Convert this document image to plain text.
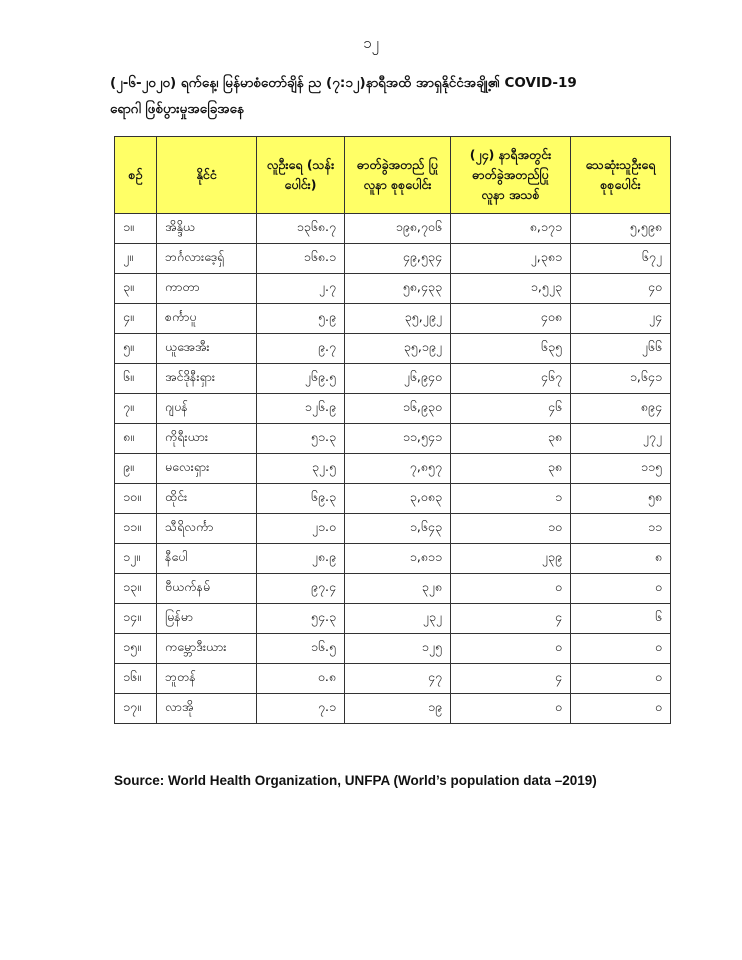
၁၂
(၂-၆-၂၀၂၀) ရက်နေ့၊ မြန်မာစံတော်ချိန် ည (၇:၁၂)နာရီအထိ အာရှနိုင်ငံအချို့၏ COVID-19
ရောဂါ ဖြစ်ပွားမှုအခြေအနေ
စဉ်	နိုင်ငံ	လူဦးရေ (သန်းပေါင်း)	ဓာတ်ခွဲအတည် ပြု လူနာ စုစုပေါင်း	(၂၄) နာရီအတွင်း ဓာတ်ခွဲအတည်ပြု လူနာ အသစ်	သေဆုံးသူဦးရေ စုစုပေါင်း
၁။	အိန္ဒိယ	၁၃၆၈.၇	၁၉၈,၇၀၆	၈,၁၇၁	၅,၅၉၈
၂။	ဘင်္ဂလားဒေ့ရှ်	၁၆၈.၁	၄၉,၅၃၄	၂,၃၈၁	၆၇၂
၃။	ကာတာ	၂.၇	၅၈,၄၃၃	၁,၅၂၃	၄၀
၄။	စင်္ကာပူ	၅.၉	၃၅,၂၉၂	၄၀၈	၂၄
၅။	ယူအေအီး	၉.၇	၃၅,၁၉၂	၆၃၅	၂၆၆
၆။	အင်ဒိုနီးရှား	၂၆၉.၅	၂၆,၉၄၀	၄၆၇	၁,၆၄၁
၇။	ဂျပန်	၁၂၆.၉	၁၆,၉၃၀	၄၆	၈၉၄
၈။	ကိုရီးယား	၅၁.၃	၁၁,၅၄၁	၃၈	၂၇၂
၉။	မလေးရှား	၃၂.၅	၇,၈၅၇	၃၈	၁၁၅
၁၀။	ထိုင်း	၆၉.၃	၃,၀၈၃	၁	၅၈
၁၁။	သီရိလင်္ကာ	၂၁.၀	၁,၆၄၃	၁၀	၁၁
၁၂။	နီပေါ	၂၈.၉	၁,၈၁၁	၂၃၉	၈
၁၃။	ဗီယက်နမ်	၉၇.၄	၃၂၈	၀	၀
၁၄။	မြန်မာ	၅၄.၃	၂၃၂	၄	၆
၁၅။	ကမ္ဘောဒီးယား	၁၆.၅	၁၂၅	၀	၀
၁၆။	ဘူတန်	၀.၈	၄၇	၄	၀
၁၇။	လာအို	၇.၁	၁၉	၀	၀
Source: World Health Organization, UNFPA (World’s population data –2019)
